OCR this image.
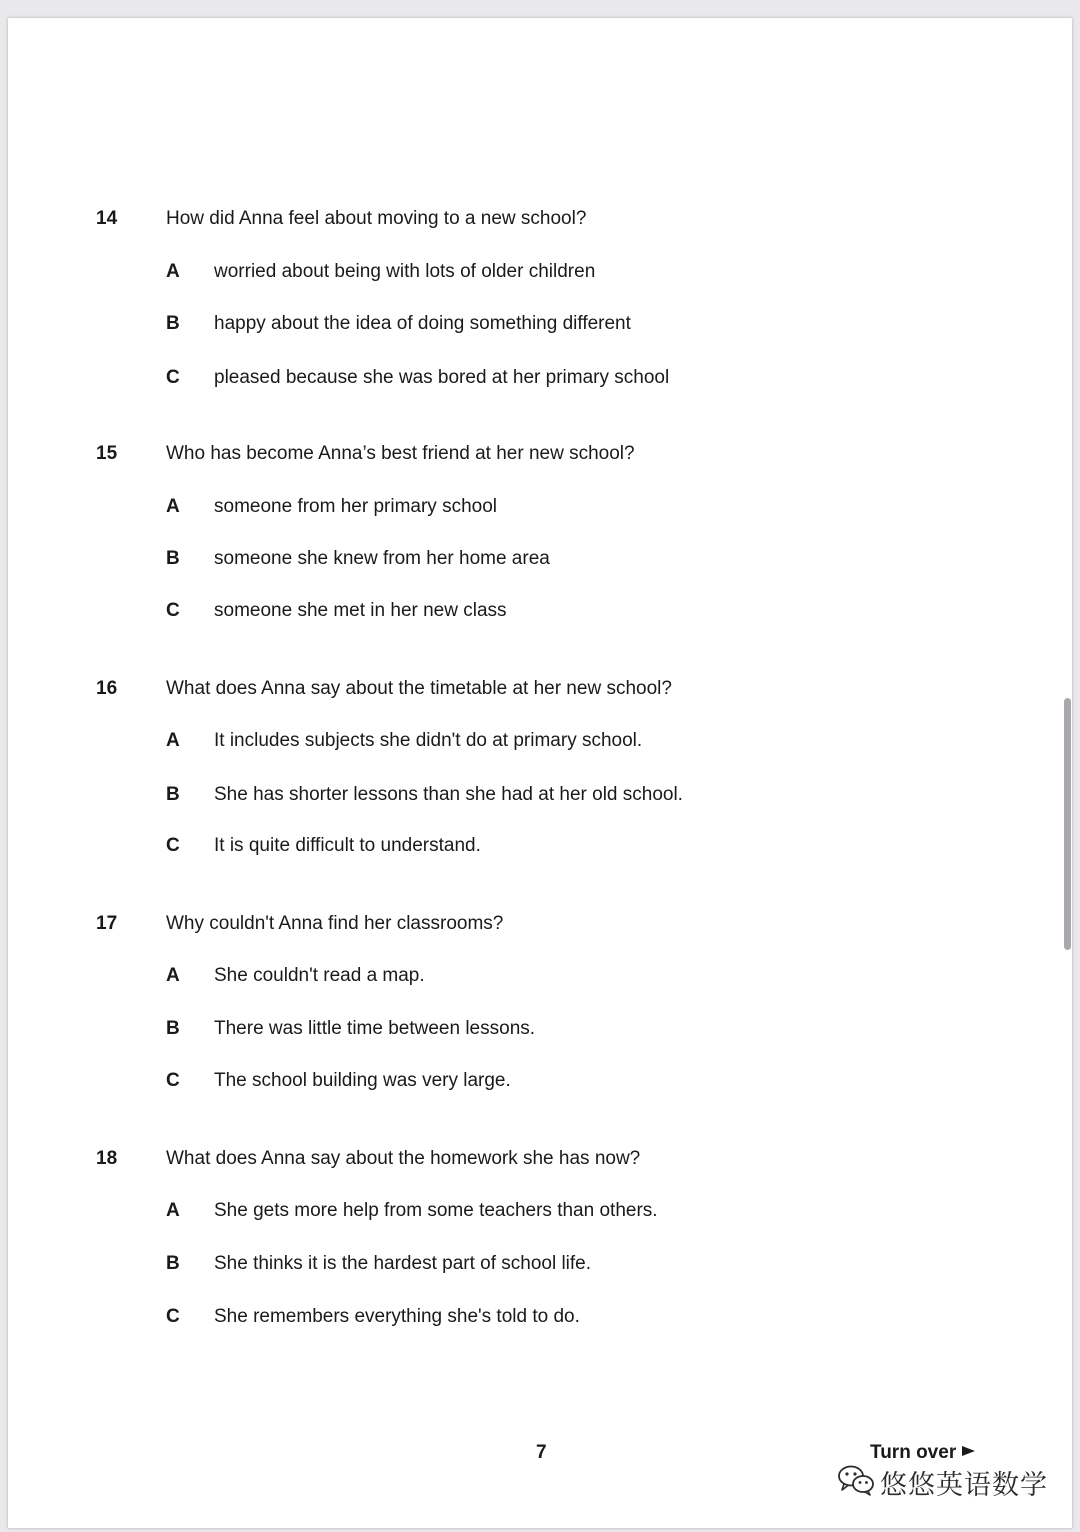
14	How did Anna feel about moving to a new school?
A worried about being with lots of older children
B happy about the idea of doing something different
C pleased because she was bored at her primary school
15	Who has become Anna’s best friend at her new school?
A someone from her primary school
B someone she knew from her home area
C someone she met in her new class
16	What does Anna say about the timetable at her new school?
A It includes subjects she didn't do at primary school.
B She has shorter lessons than she had at her old school.
C It is quite difficult to understand.
17	Why couldn't Anna find her classrooms?
A She couldn't read a map.
B There was little time between lessons.
C The school building was very large.
18	What does Anna say about the homework she has now?
A She gets more help from some teachers than others.
B She thinks it is the hardest part of school life.
C She remembers everything she's told to do.
7	Turn over
悠悠英语数学
